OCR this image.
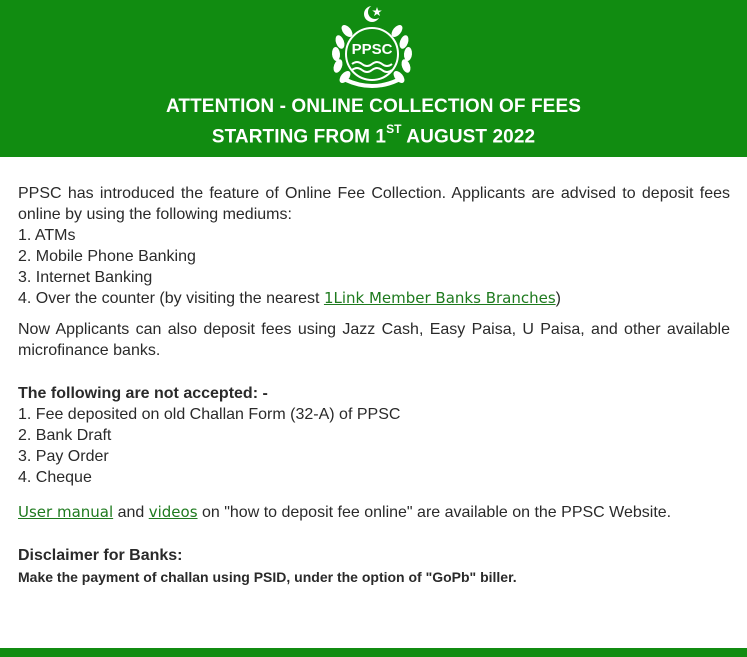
PPSC
ATTENTION - ONLINE COLLECTION OF FEES
STARTING FROM 1ST AUGUST 2022

PPSC has introduced the feature of Online Fee Collection. Applicants are advised to deposit fees online by using the following mediums:

1. ATMs
2. Mobile Phone Banking
3. Internet Banking
4. Over the counter (by visiting the nearest 1Link Member Banks Branches)

Now Applicants can also deposit fees using Jazz Cash, Easy Paisa, U Paisa, and other available microfinance banks.

The following are not accepted: -

1. Fee deposited on old Challan Form (32-A) of PPSC
2. Bank Draft
3. Pay Order
4. Cheque

User manual and videos on "how to deposit fee online" are available on the PPSC Website.

Disclaimer for Banks:

Make the payment of challan using PSID, under the option of "GoPb" biller.
